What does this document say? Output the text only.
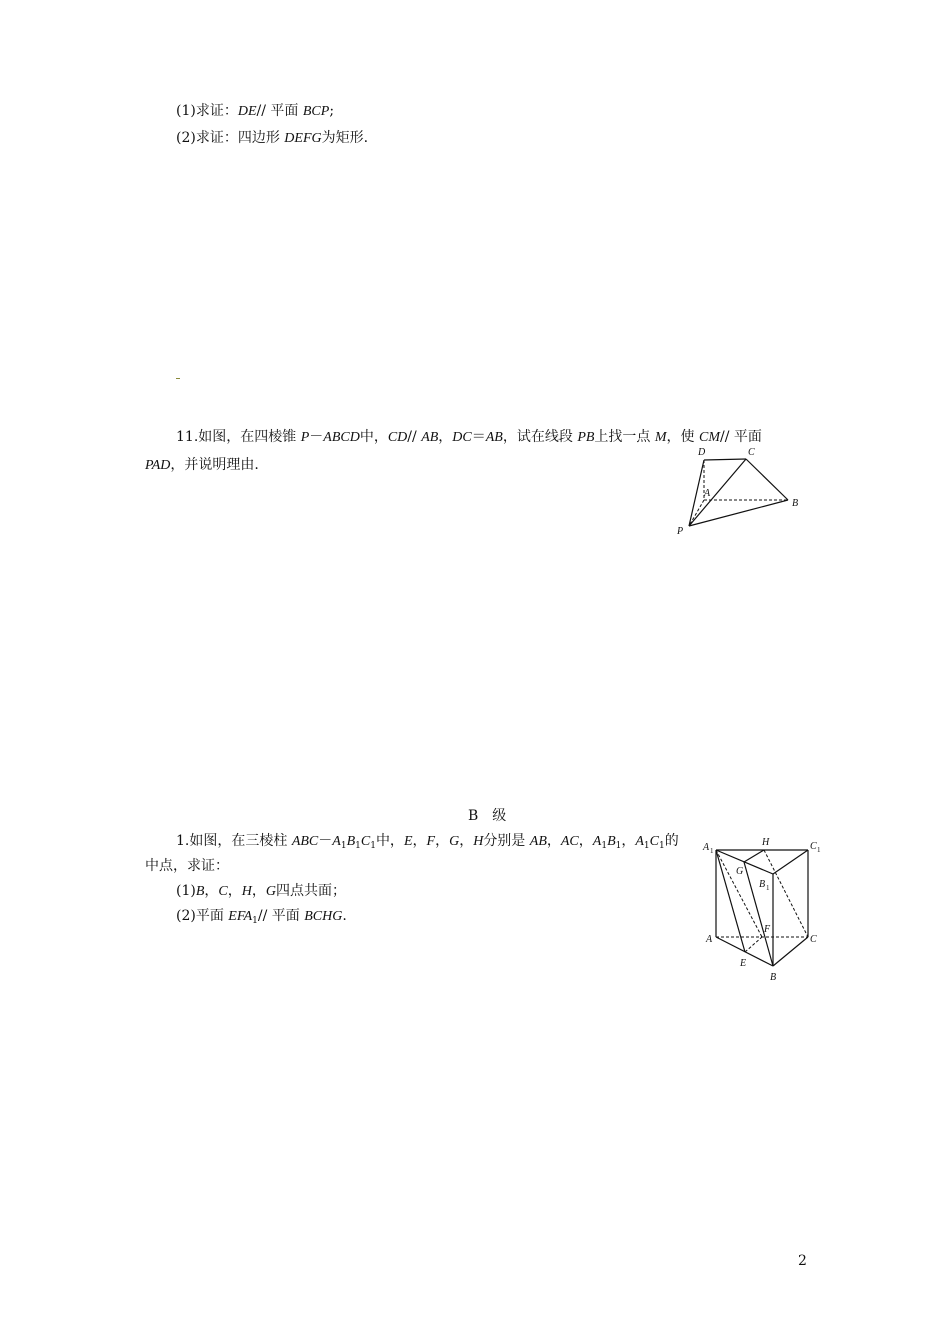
(1)求证：DE// 平面 BCP;
(2)求证：四边形 DEFG为矩形.
11.如图，在四棱锥 P－ABCD中，CD// AB，DC＝AB，试在线段 PB上找一点 M，使 CM// 平面
PAD，并说明理由.
D	C
A
B
P
B　级
1.如图，在三棱柱 $ABC-A_1B_1C_1$中，E，F，G，H分别是 AB，AC，$A_1B_1$，$A_1C_1$的
中点，求证：
(1)B，C，H，G四点共面；
(2)平面 $EFA_1//$ 平面 BCHG.
A 1
H	C 1
G
B 1
A
F
C
E
B
2
